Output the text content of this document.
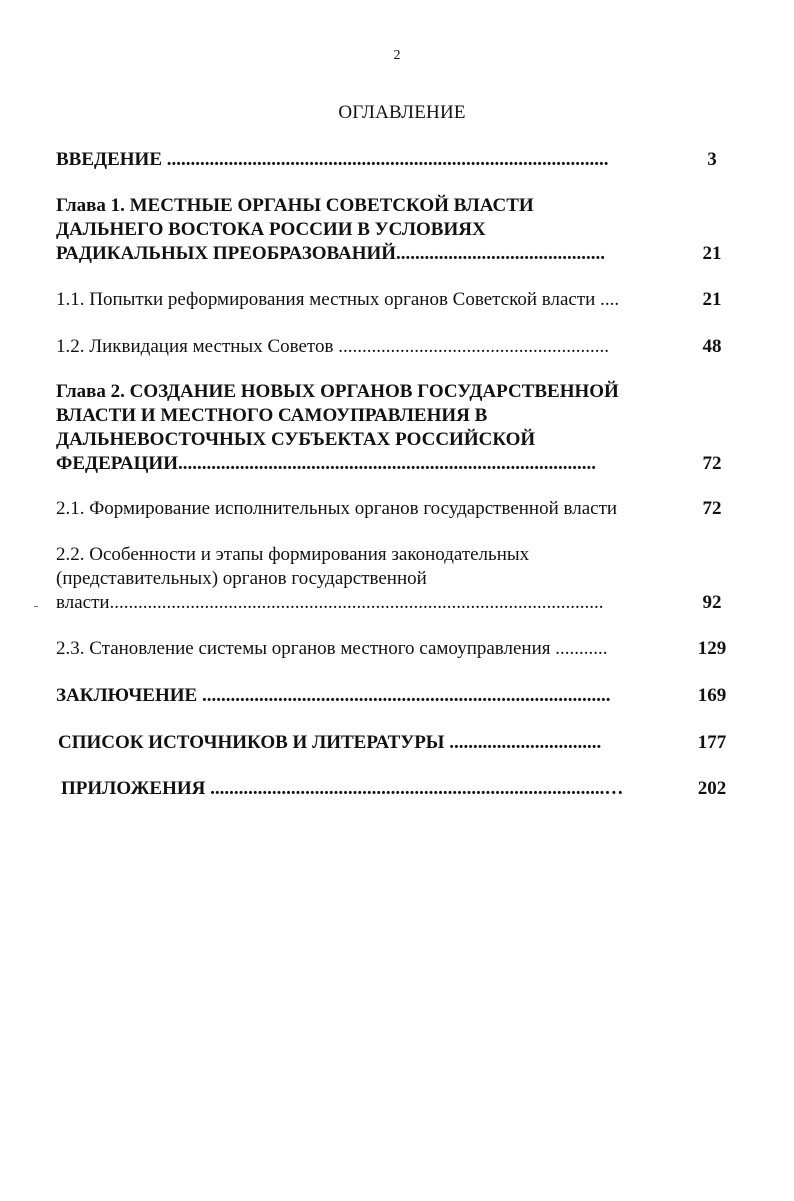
2
ОГЛАВЛЕНИЕ
ВВЕДЕНИЕ .............................................................................................	3
Глава 1. МЕСТНЫЕ ОРГАНЫ СОВЕТСКОЙ ВЛАСТИ
ДАЛЬНЕГО ВОСТОКА РОССИИ В УСЛОВИЯХ
РАДИКАЛЬНЫХ ПРЕОБРАЗОВАНИЙ............................................	21
1.1. Попытки реформирования местных органов Советской власти ....	21
1.2. Ликвидация местных Советов .........................................................	48
Глава 2. СОЗДАНИЕ НОВЫХ ОРГАНОВ ГОСУДАРСТВЕННОЙ
ВЛАСТИ И МЕСТНОГО САМОУПРАВЛЕНИЯ В
ДАЛЬНЕВОСТОЧНЫХ СУБЪЕКТАХ РОССИЙСКОЙ
ФЕДЕРАЦИИ........................................................................................	72
2.1. Формирование исполнительных органов государственной власти	72
2.2. Особенности и этапы формирования законодательных
(представительных) органов государственной
власти........................................................................................................	92
2.3. Становление системы органов местного самоуправления ...........	129
ЗАКЛЮЧЕНИЕ ......................................................................................	169
СПИСОК ИСТОЧНИКОВ И ЛИТЕРАТУРЫ ................................	177
ПРИЛОЖЕНИЯ ...................................................................................…	202
